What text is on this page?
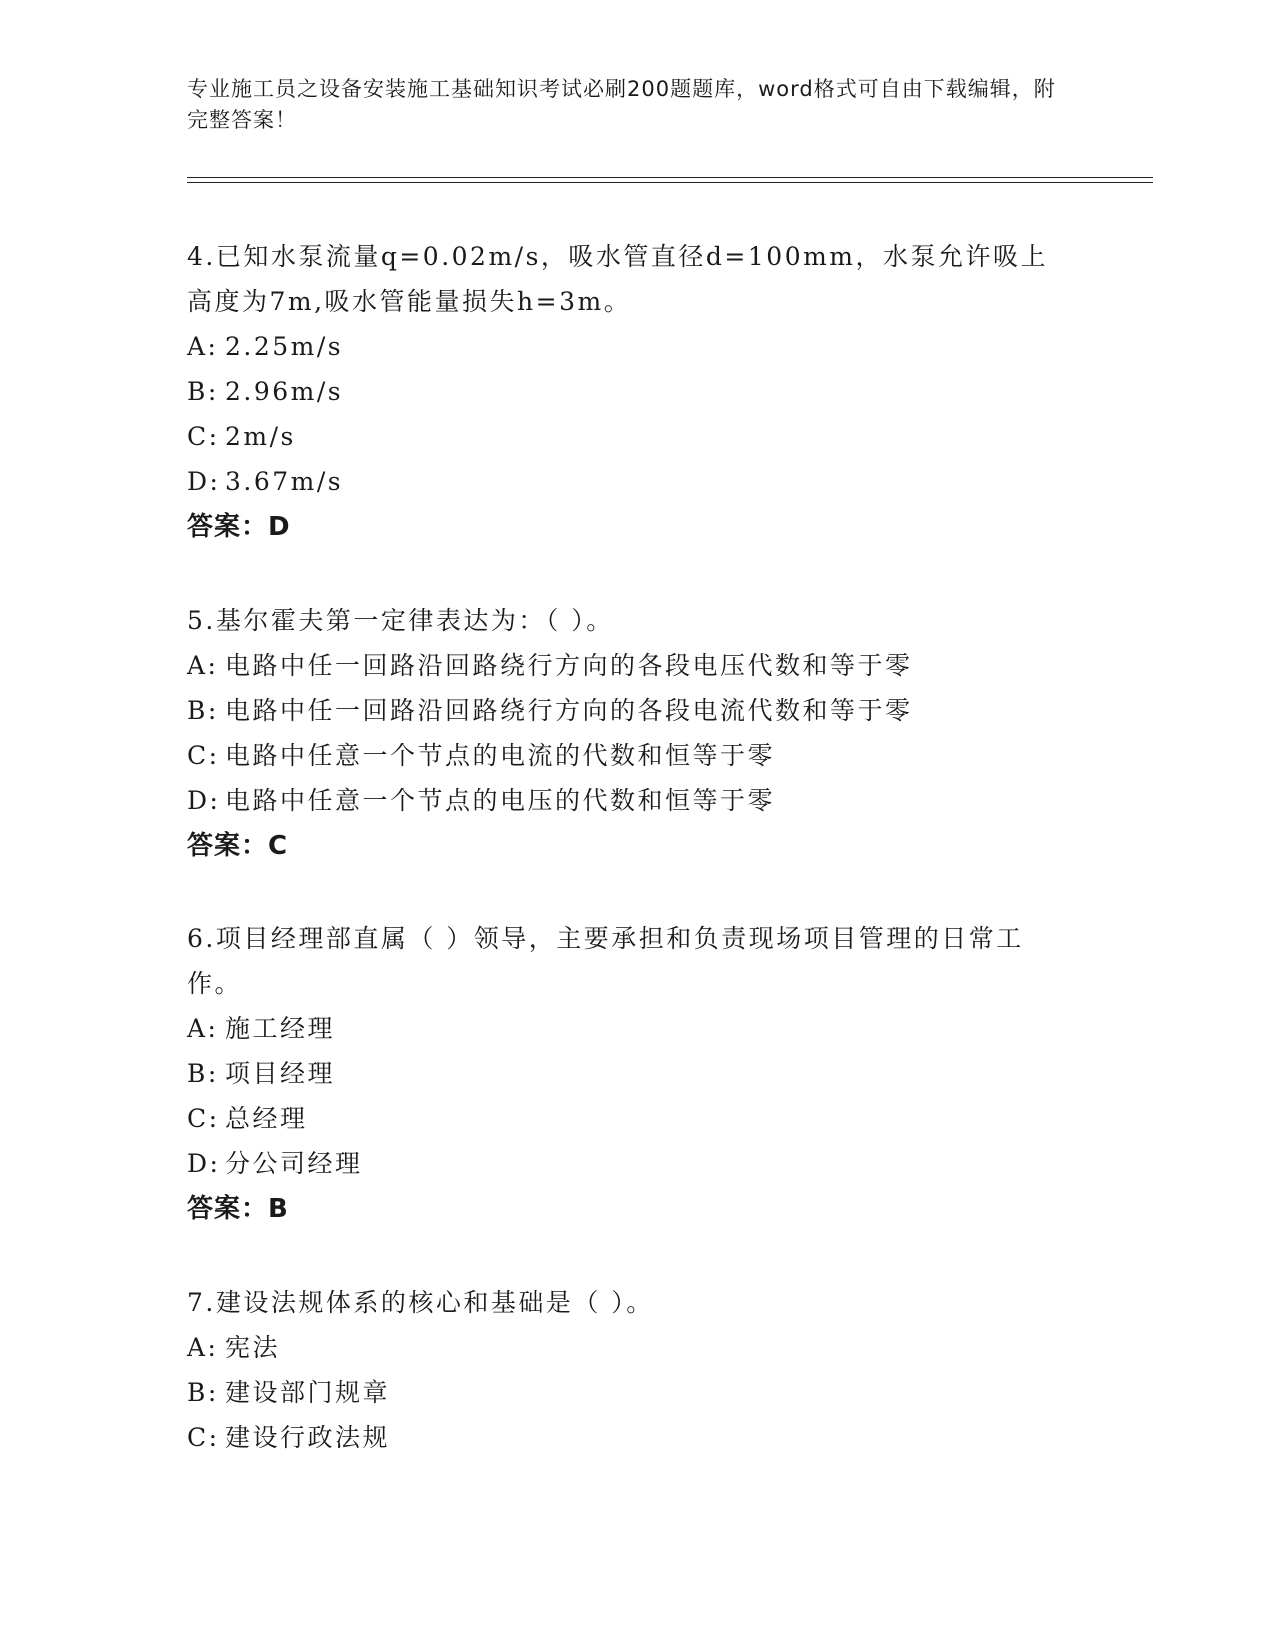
专业施工员之设备安装施工基础知识考试必刷200题题库，word格式可自由下载编辑，附完整答案！

4.已知水泵流量q=0.02m/s，吸水管直径d=100mm，水泵允许吸上高度为7m,吸水管能量损失h=3m。

A: 2.25m/s

B: 2.96m/s

C: 2m/s

D: 3.67m/s

答案：D

5.基尔霍夫第一定律表达为：（ ）。

A: 电路中任一回路沿回路绕行方向的各段电压代数和等于零

B: 电路中任一回路沿回路绕行方向的各段电流代数和等于零

C: 电路中任意一个节点的电流的代数和恒等于零

D: 电路中任意一个节点的电压的代数和恒等于零

答案：C

6.项目经理部直属（ ）领导，主要承担和负责现场项目管理的日常工作。

A: 施工经理

B: 项目经理

C: 总经理

D: 分公司经理

答案：B

7.建设法规体系的核心和基础是（ ）。

A: 宪法

B: 建设部门规章

C: 建设行政法规
